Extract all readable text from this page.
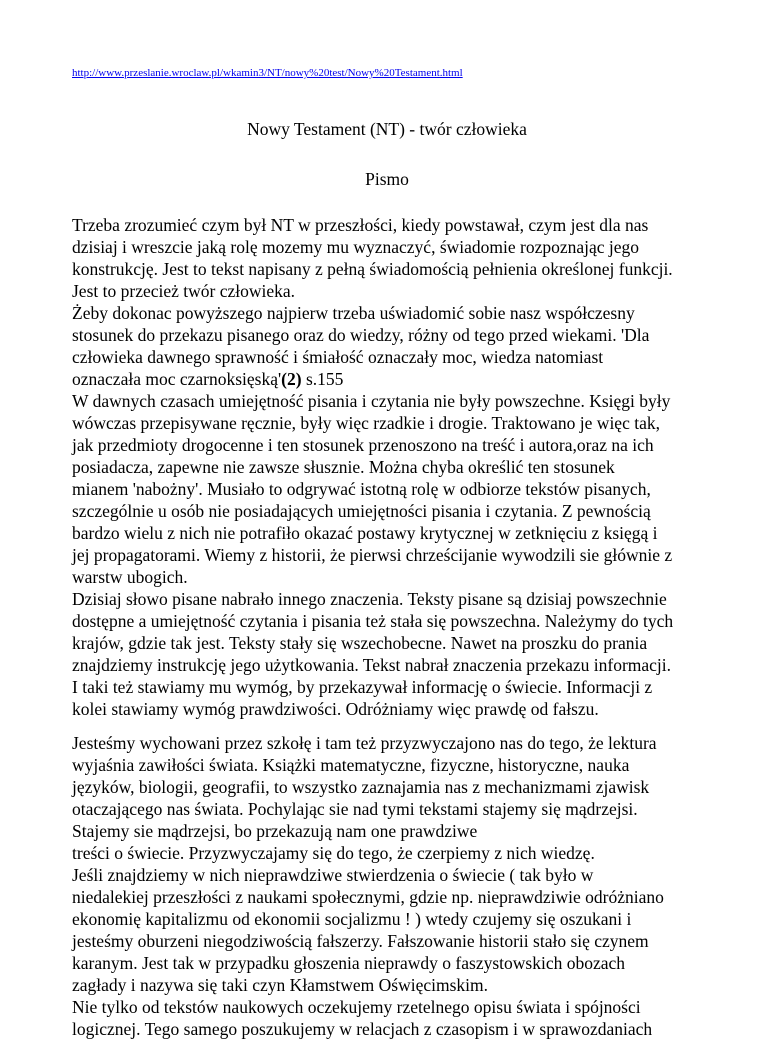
http://www.przeslanie.wroclaw.pl/wkamin3/NT/nowy%20test/Nowy%20Testament.html
Nowy Testament (NT) - twór człowieka
Pismo
Trzeba zrozumieć czym był NT w przeszłości, kiedy powstawał, czym jest dla nas
dzisiaj i wreszcie jaką rolę mozemy mu wyznaczyć, świadomie rozpoznając jego
konstrukcję. Jest to tekst napisany z pełną świadomością pełnienia określonej funkcji.
Jest to przecież twór człowieka.
Żeby dokonac powyższego najpierw trzeba uświadomić sobie nasz współczesny
stosunek do przekazu pisanego oraz do wiedzy, różny od tego przed wiekami. 'Dla
człowieka dawnego sprawność i śmiałość oznaczały moc, wiedza natomiast
oznaczała moc czarnoksięską'(2) s.155
W dawnych czasach umiejętność pisania i czytania nie były powszechne. Księgi były
wówczas przepisywane ręcznie, były więc rzadkie i drogie. Traktowano je więc tak,
jak przedmioty drogocenne i ten stosunek przenoszono na treść i autora,oraz na ich
posiadacza, zapewne nie zawsze słusznie. Można chyba określić ten stosunek
mianem 'nabożny'. Musiało to odgrywać istotną rolę w odbiorze tekstów pisanych,
szczególnie u osób nie posiadających umiejętności pisania i czytania. Z pewnością
bardzo wielu z nich nie potrafiło okazać postawy krytycznej w zetknięciu z księgą i
jej propagatorami. Wiemy z historii, że pierwsi chrześcijanie wywodzili sie głównie z
warstw ubogich.
Dzisiaj słowo pisane nabrało innego znaczenia. Teksty pisane są dzisiaj powszechnie
dostępne a umiejętność czytania i pisania też stała się powszechna. Należymy do tych
krajów, gdzie tak jest. Teksty stały się wszechobecne. Nawet na proszku do prania
znajdziemy instrukcję jego użytkowania. Tekst nabrał znaczenia przekazu informacji.
I taki też stawiamy mu wymóg, by przekazywał informację o świecie. Informacji z
kolei stawiamy wymóg prawdziwości. Odróżniamy więc prawdę od fałszu.
Jesteśmy wychowani przez szkołę i tam też przyzwyczajono nas do tego, że lektura
wyjaśnia zawiłości świata. Książki matematyczne, fizyczne, historyczne, nauka
języków, biologii, geografii, to wszystko zaznajamia nas z mechanizmami zjawisk
otaczającego nas świata. Pochylając sie nad tymi tekstami stajemy się mądrzejsi.
Stajemy sie mądrzejsi, bo przekazują nam one prawdziwe
treści o świecie. Przyzwyczajamy się do tego, że czerpiemy z nich wiedzę.
Jeśli znajdziemy w nich nieprawdziwe stwierdzenia o świecie ( tak było w
niedalekiej przeszłości z naukami społecznymi, gdzie np. nieprawdziwie odróżniano
ekonomię kapitalizmu od ekonomii socjalizmu ! ) wtedy czujemy się oszukani i
jesteśmy oburzeni niegodziwością fałszerzy. Fałszowanie historii stało się czynem
karanym. Jest tak w przypadku głoszenia nieprawdy o faszystowskich obozach
zagłady i nazywa się taki czyn Kłamstwem Oświęcimskim.
Nie tylko od tekstów naukowych oczekujemy rzetelnego opisu świata i spójności
logicznej. Tego samego poszukujemy w relacjach z czasopism i w sprawozdaniach
